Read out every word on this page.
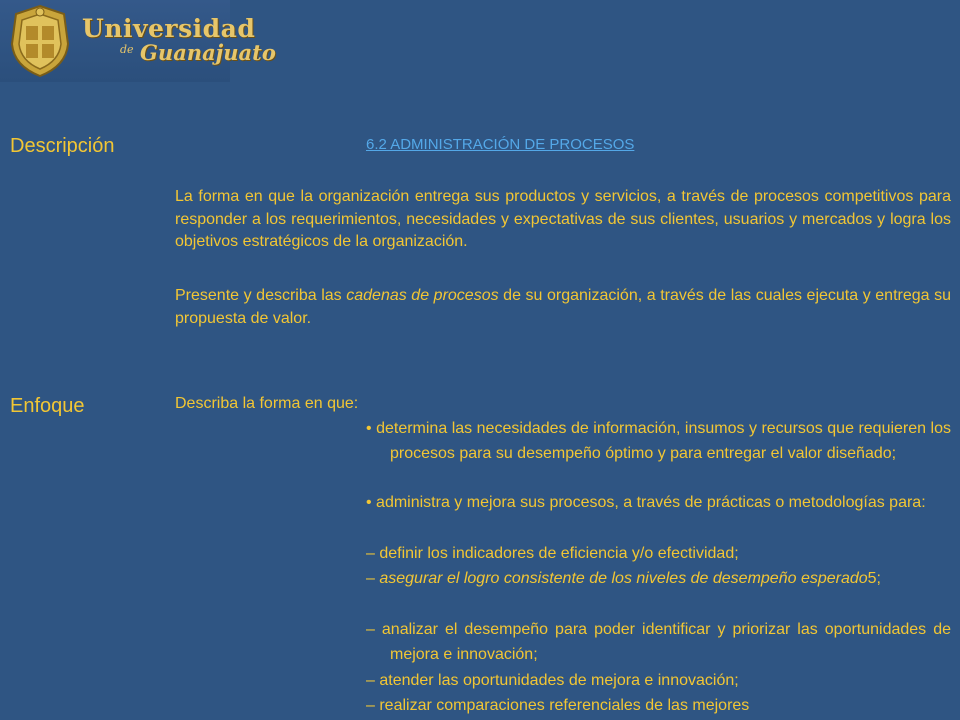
Universidad
de Guanajuato
Descripción
Enfoque
6.2 ADMINISTRACIÓN DE PROCESOS

La forma en que la organización entrega sus productos y servicios, a través de procesos competitivos para responder a los requerimientos, necesidades y expectativas de sus clientes, usuarios y mercados y logra los objetivos estratégicos de la organización.

Presente y describa las cadenas de procesos de su organización, a través de las cuales ejecuta y entrega su propuesta de valor.

Describa la forma en que:

• determina las necesidades de información, insumos y recursos que requieren los procesos para su desempeño óptimo y para entregar el valor diseñado;

• administra y mejora sus procesos, a través de prácticas o metodologías para:

– definir los indicadores de eficiencia y/o efectividad;

– asegurar el logro consistente de los niveles de desempeño esperado5;

– analizar el desempeño para poder identificar y priorizar las oportunidades de mejora e innovación;

– atender las oportunidades de mejora e innovación;

– realizar comparaciones referenciales de las mejores
